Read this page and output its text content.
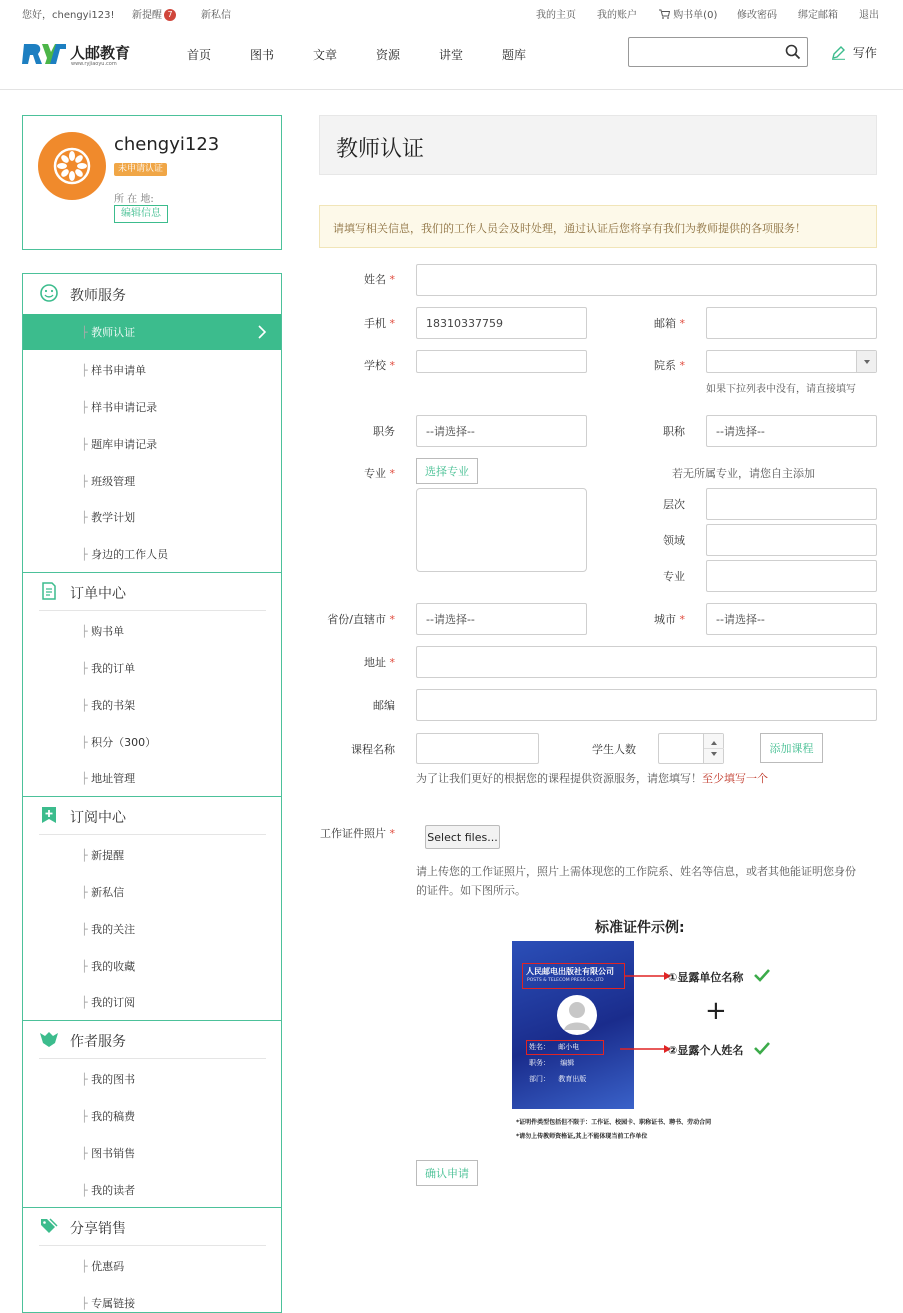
您好，chengyi123! 新提醒 7	新私信	我的主页 我的账户	购书单(0) 修改密码 绑定邮箱 退出
人邮教育
www.ryjiaoyu.com
首页	图书	文章	资源	讲堂	题库	写作
chengyi123
未申请认证
所 在 地:
编辑信息
教师服务
├ 教师认证
├ 样书申请单
├ 样书申请记录
├ 题库申请记录
├ 班级管理
├ 教学计划
├ 身边的工作人员
订单中心
├ 购书单
├ 我的订单
├ 我的书架
├ 积分（300）
├ 地址管理
订阅中心
├ 新提醒
├ 新私信
├ 我的关注
├ 我的收藏
├ 我的订阅
作者服务
├ 我的图书
├ 我的稿费
├ 图书销售
├ 我的读者
分享销售
├ 优惠码
├ 专属链接
教师认证
请填写相关信息，我们的工作人员会及时处理，通过认证后您将享有我们为教师提供的各项服务！
姓名 *
手机 *	18310337759	邮箱 *
学校 *	院系 *
如果下拉列表中没有，请直接填写
职务	--请选择--	职称	--请选择--
专业 *	选择专业	若无所属专业，请您自主添加
层次
领域
专业
省份/直辖市 *	--请选择--	城市 *	--请选择--
地址 *
邮编
课程名称	学生人数	添加课程
为了让我们更好的根据您的课程提供资源服务，请您填写！至少填写一个
工作证件照片 *	Select files...
请上传您的工作证照片，照片上需体现您的工作院系、姓名等信息，或者其他能证明您身份的证件。如下图所示。
标准证件示例:
人民邮电出版社有限公司
POSTS & TELECOM PRESS Co.,LTD
姓名： 邮小电
职务： 编辑
部门： 教育出版
①显露单位名称
+
②显露个人姓名
*证明件类型包括但不限于：工作证、校园卡、职称证书、聘书、劳动合同
*请勿上传教师资格证,其上不能体现当前工作单位
确认申请
